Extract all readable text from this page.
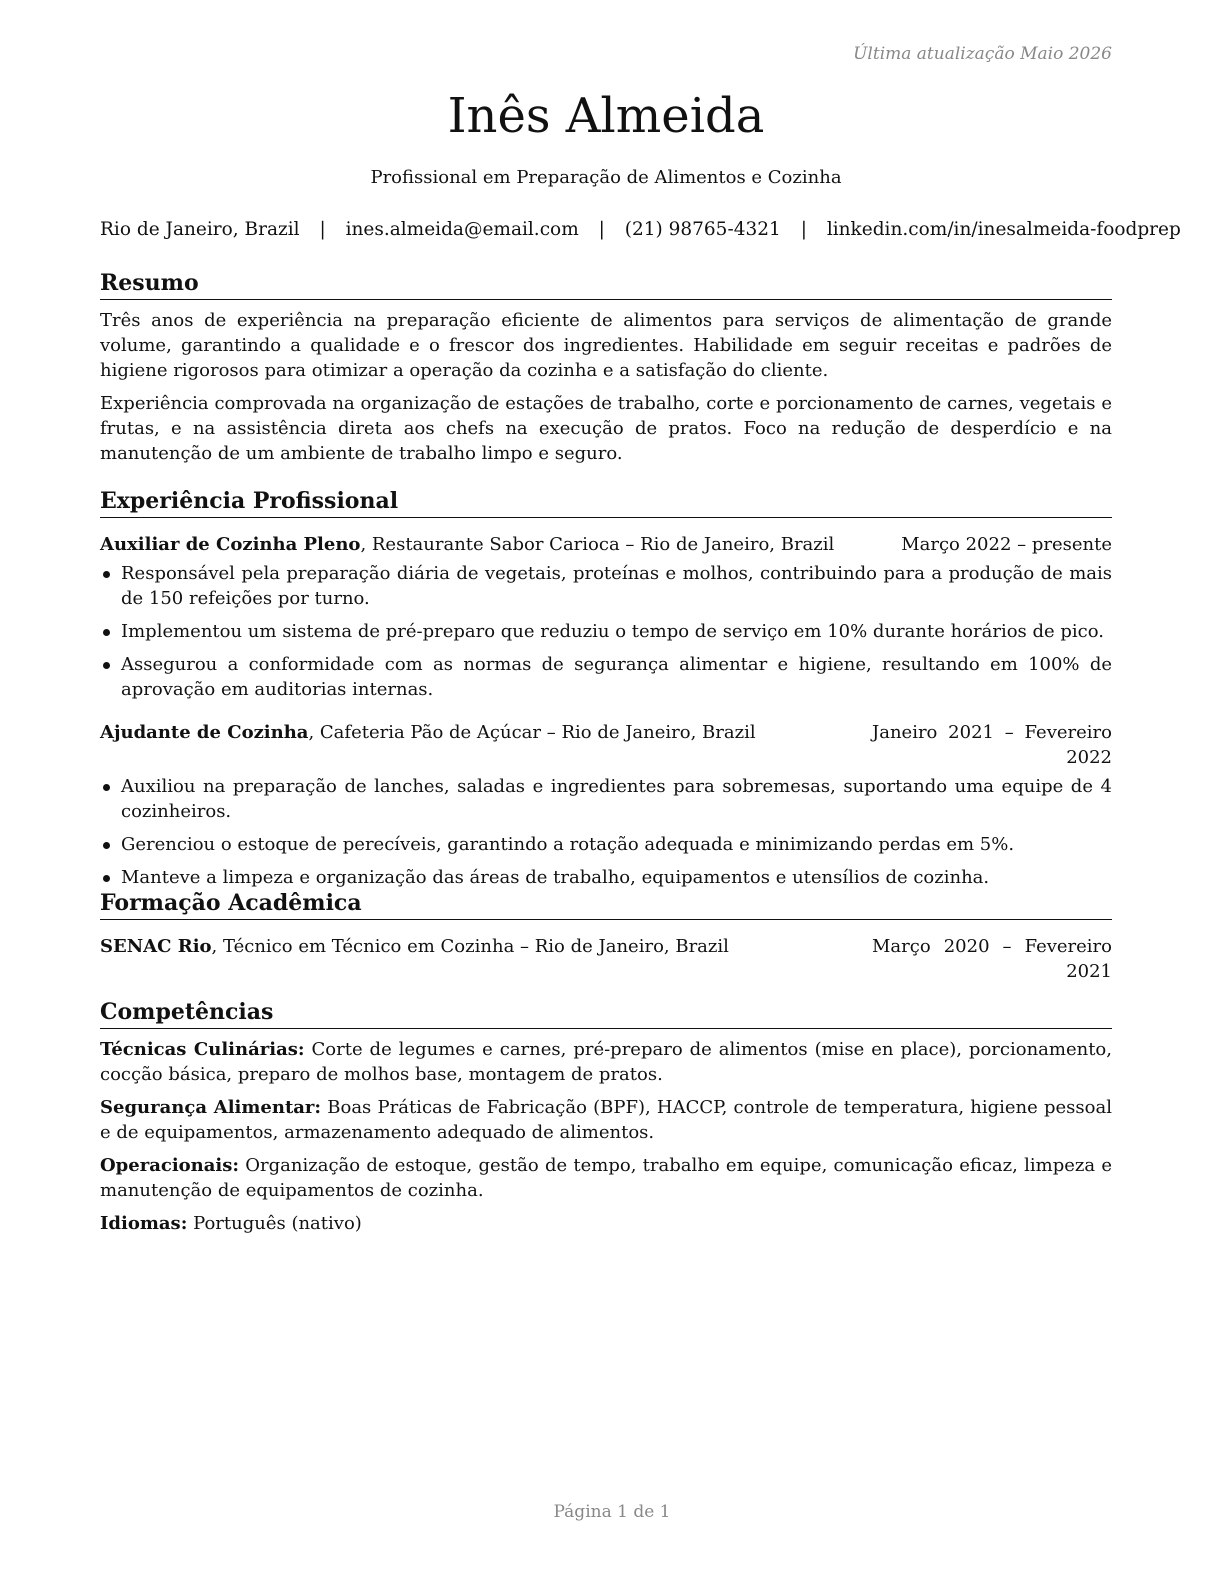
Última atualização Maio 2026
Inês Almeida
Profissional em Preparação de Alimentos e Cozinha
Rio de Janeiro, Brazil | ines.almeida@email.com | (21) 98765-4321 | linkedin.com/in/inesalmeida-foodprep
Resumo

Três anos de experiência na preparação eficiente de alimentos para serviços de alimentação de grande volume, garantindo a qualidade e o frescor dos ingredientes. Habilidade em seguir receitas e padrões de higiene rigorosos para otimizar a operação da cozinha e a satisfação do cliente.

Experiência comprovada na organização de estações de trabalho, corte e porcionamento de carnes, vegetais e frutas, e na assistência direta aos chefs na execução de pratos. Foco na redução de desperdício e na manutenção de um ambiente de trabalho limpo e seguro.

Experiência Profissional
Auxiliar de Cozinha Pleno, Restaurante Sabor Carioca – Rio de Janeiro, Brazil	Março 2022 – presente
Responsável pela preparação diária de vegetais, proteínas e molhos, contribuindo para a produção de mais de 150 refeições por turno.
Implementou um sistema de pré-preparo que reduziu o tempo de serviço em 10% durante horários de pico.
Assegurou a conformidade com as normas de segurança alimentar e higiene, resultando em 100% de aprovação em auditorias internas.
Ajudante de Cozinha, Cafeteria Pão de Açúcar – Rio de Janeiro, Brazil	Janeiro 2021 – Fevereiro 2022
Auxiliou na preparação de lanches, saladas e ingredientes para sobremesas, suportando uma equipe de 4 cozinheiros.
Gerenciou o estoque de perecíveis, garantindo a rotação adequada e minimizando perdas em 5%.
Manteve a limpeza e organização das áreas de trabalho, equipamentos e utensílios de cozinha.
Formação Acadêmica
SENAC Rio, Técnico em Técnico em Cozinha – Rio de Janeiro, Brazil	Março 2020 – Fevereiro 2021
Competências

Técnicas Culinárias: Corte de legumes e carnes, pré-preparo de alimentos (mise en place), porcionamento, cocção básica, preparo de molhos base, montagem de pratos.

Segurança Alimentar: Boas Práticas de Fabricação (BPF), HACCP, controle de temperatura, higiene pessoal e de equipamentos, armazenamento adequado de alimentos.

Operacionais: Organização de estoque, gestão de tempo, trabalho em equipe, comunicação eficaz, limpeza e manutenção de equipamentos de cozinha.

Idiomas: Português (nativo)

Página 1 de 1
